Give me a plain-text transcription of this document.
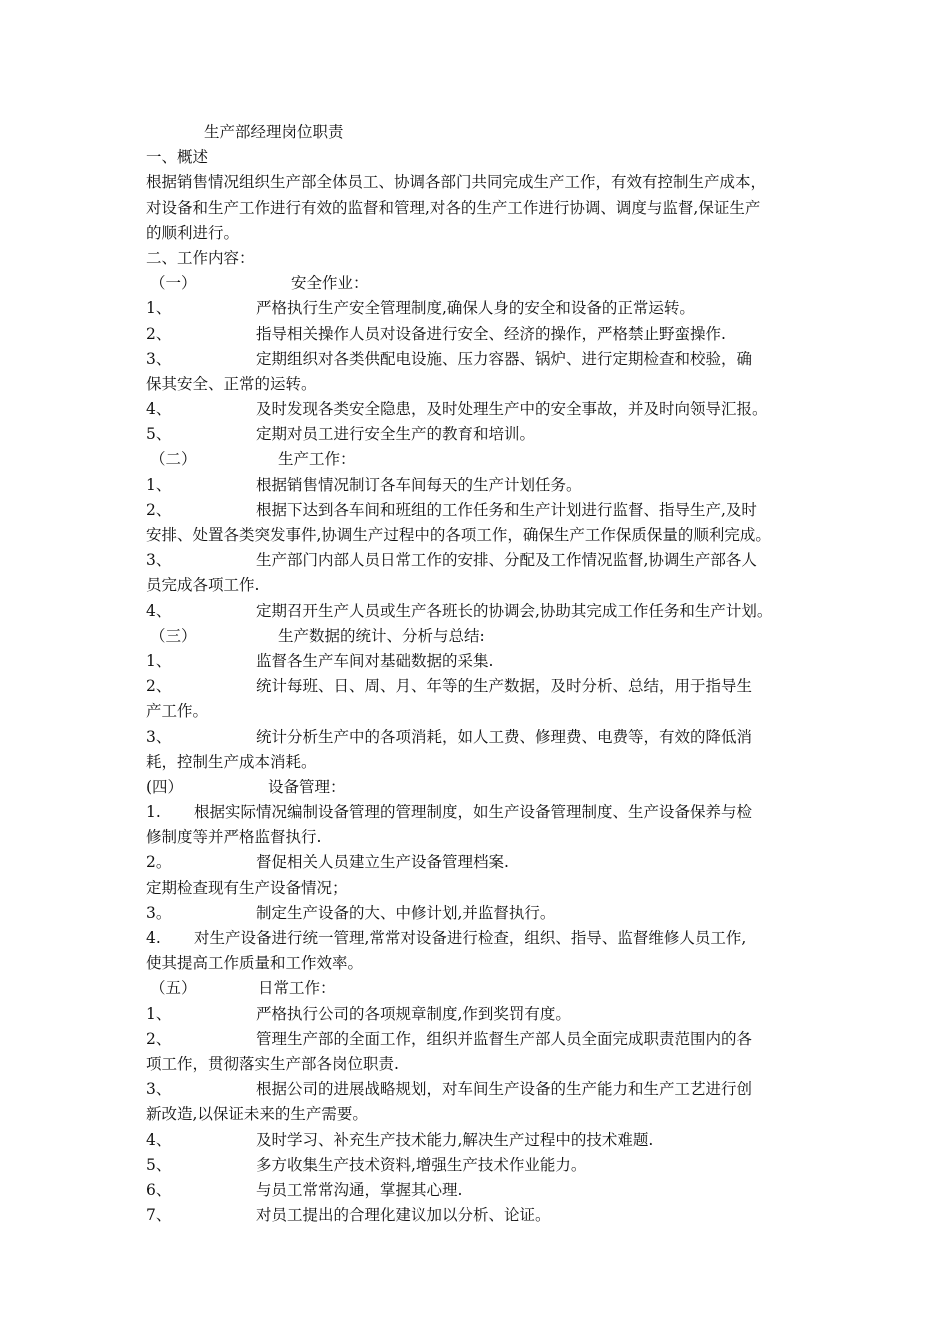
生产部经理岗位职责
一、概述
根据销售情况组织生产部全体员工、协调各部门共同完成生产工作，有效有控制生产成本，
对设备和生产工作进行有效的监督和管理,对各的生产工作进行协调、调度与监督,保证生产
的顺利进行。
二、工作内容：
（一）	安全作业：
1、	严格执行生产安全管理制度,确保人身的安全和设备的正常运转。
2、	指导相关操作人员对设备进行安全、经济的操作，严格禁止野蛮操作.
3、	定期组织对各类供配电设施、压力容器、锅炉、进行定期检查和校验，确
保其安全、正常的运转。
4、	及时发现各类安全隐患，及时处理生产中的安全事故，并及时向领导汇报。
5、	定期对员工进行安全生产的教育和培训。
（二）	生产工作：
1、	根据销售情况制订各车间每天的生产计划任务。
2、	根据下达到各车间和班组的工作任务和生产计划进行监督、指导生产,及时
安排、处置各类突发事件,协调生产过程中的各项工作，确保生产工作保质保量的顺利完成。
3、	生产部门内部人员日常工作的安排、分配及工作情况监督,协调生产部各人
员完成各项工作.
4、	定期召开生产人员或生产各班长的协调会,协助其完成工作任务和生产计划。
（三）	生产数据的统计、分析与总结:
1、	监督各生产车间对基础数据的采集.
2、	统计每班、日、周、月、年等的生产数据，及时分析、总结，用于指导生
产工作。
3、	统计分析生产中的各项消耗，如人工费、修理费、电费等，有效的降低消
耗，控制生产成本消耗。
(四）	设备管理：
1. 根据实际情况编制设备管理的管理制度，如生产设备管理制度、生产设备保养与检
修制度等并严格监督执行.
2。	督促相关人员建立生产设备管理档案.
定期检查现有生产设备情况；
3。	制定生产设备的大、中修计划,并监督执行。
4. 对生产设备进行统一管理,常常对设备进行检查，组织、指导、监督维修人员工作,
使其提高工作质量和工作效率。
（五）	日常工作：
1、	严格执行公司的各项规章制度,作到奖罚有度。
2、	管理生产部的全面工作，组织并监督生产部人员全面完成职责范围内的各
项工作，贯彻落实生产部各岗位职责.
3、	根据公司的进展战略规划，对车间生产设备的生产能力和生产工艺进行创
新改造,以保证未来的生产需要。
4、	及时学习、补充生产技术能力,解决生产过程中的技术难题.
5、	多方收集生产技术资料,增强生产技术作业能力。
6、	与员工常常沟通，掌握其心理.
7、	对员工提出的合理化建议加以分析、论证。
